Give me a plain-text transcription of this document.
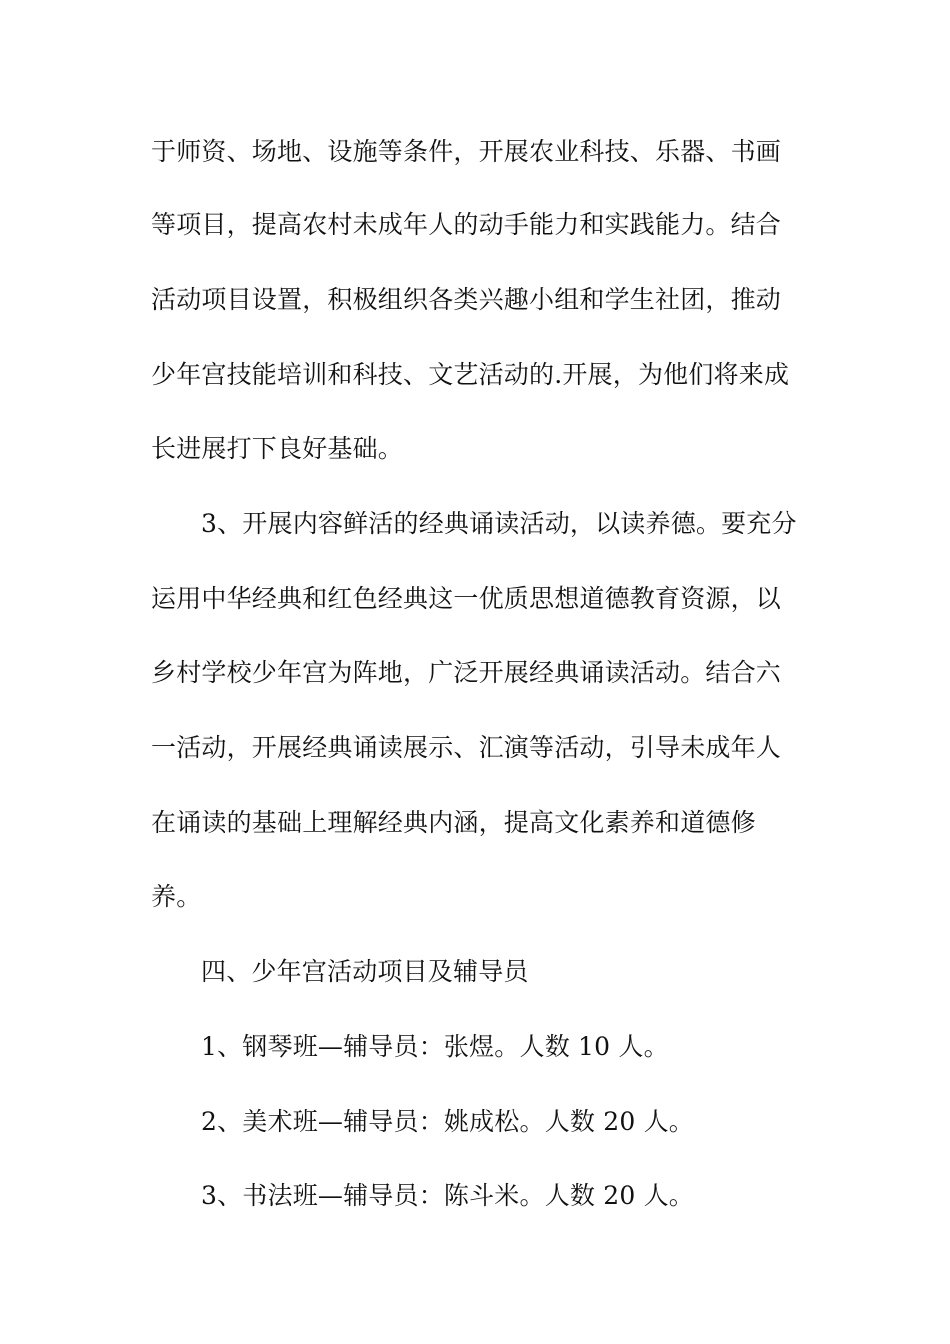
于师资、场地、设施等条件，开展农业科技、乐器、书画
等项目，提高农村未成年人的动手能力和实践能力。结合
活动项目设置，积极组织各类兴趣小组和学生社团，推动
少年宫技能培训和科技、文艺活动的.开展，为他们将来成
长进展打下良好基础。
3、开展内容鲜活的经典诵读活动，以读养德。要充分
运用中华经典和红色经典这一优质思想道德教育资源，以
乡村学校少年宫为阵地，广泛开展经典诵读活动。结合六
一活动，开展经典诵读展示、汇演等活动，引导未成年人
在诵读的基础上理解经典内涵，提高文化素养和道德修
养。
四、少年宫活动项目及辅导员
1、钢琴班—辅导员：张煜。人数 10 人。
2、美术班—辅导员：姚成松。人数 20 人。
3、书法班—辅导员：陈斗米。人数 20 人。
